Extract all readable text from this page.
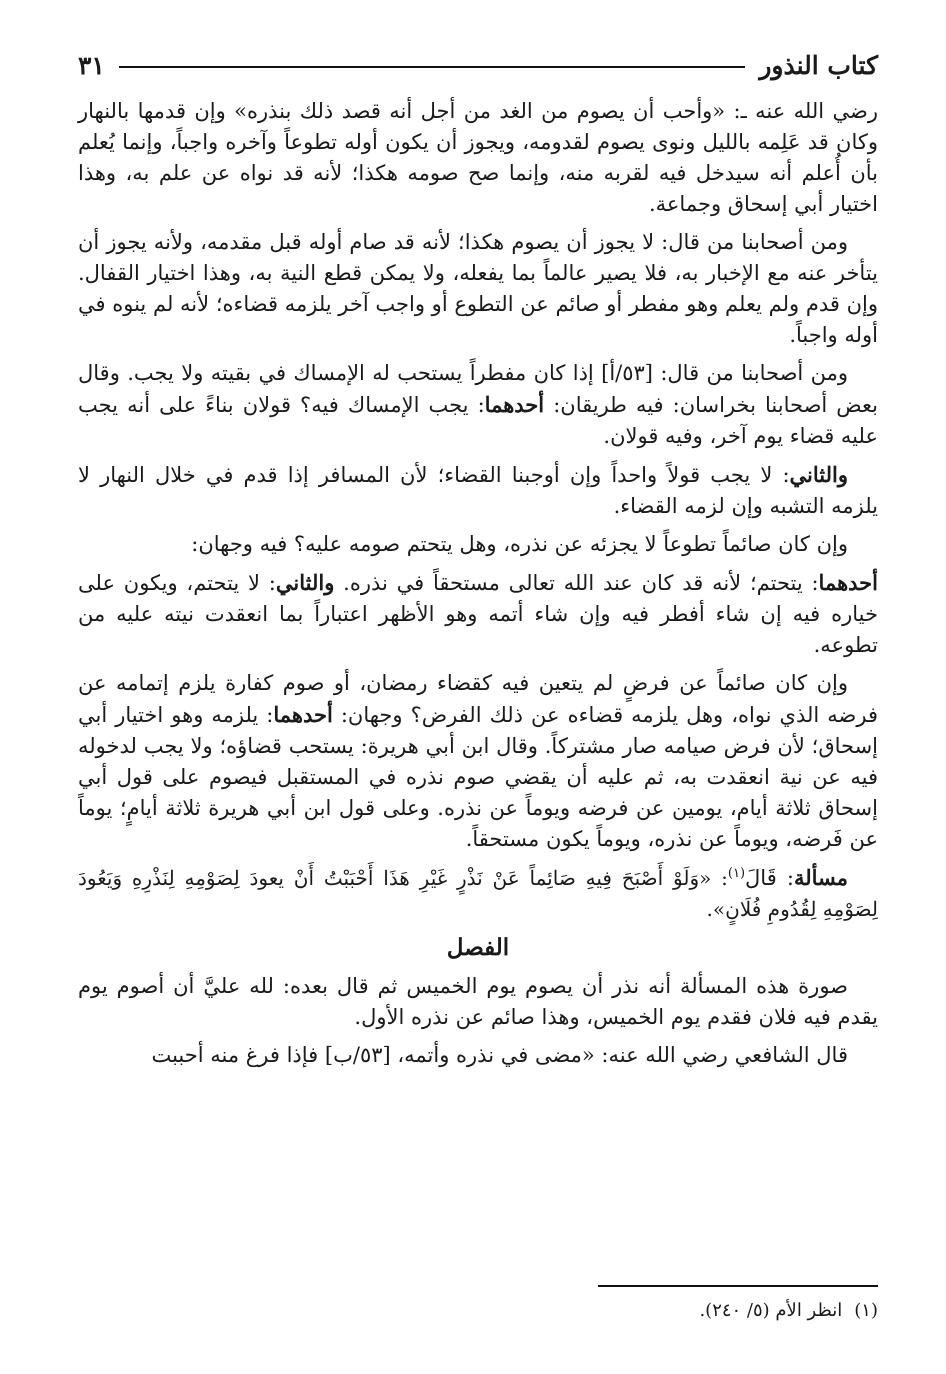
كتاب النذور
٣١

رضي الله عنه ـ: «وأحب أن يصوم من الغد من أجل أنه قصد ذلك بنذره» وإن قدمها بالنهار وكان قد عَلِمه بالليل ونوى يصوم لقدومه، ويجوز أن يكون أوله تطوعاً وآخره واجباً، وإنما يُعلم بأن أُعلم أنه سيدخل فيه لقربه منه، وإنما صح صومه هكذا؛ لأنه قد نواه عن علم به، وهذا اختيار أبي إسحاق وجماعة.

ومن أصحابنا من قال: لا يجوز أن يصوم هكذا؛ لأنه قد صام أوله قبل مقدمه، ولأنه يجوز أن يتأخر عنه مع الإخبار به، فلا يصير عالماً بما يفعله، ولا يمكن قطع النية به، وهذا اختيار القفال. وإن قدم ولم يعلم وهو مفطر أو صائم عن التطوع أو واجب آخر يلزمه قضاءه؛ لأنه لم ينوه في أوله واجباً.

ومن أصحابنا من قال: [٥٣/أ] إذا كان مفطراً يستحب له الإمساك في بقيته ولا يجب. وقال بعض أصحابنا بخراسان: فيه طريقان: أحدهما: يجب الإمساك فيه؟ قولان بناءً على أنه يجب عليه قضاء يوم آخر، وفيه قولان.

والثاني: لا يجب قولاً واحداً وإن أوجبنا القضاء؛ لأن المسافر إذا قدم في خلال النهار لا يلزمه التشبه وإن لزمه القضاء.

وإن كان صائماً تطوعاً لا يجزئه عن نذره، وهل يتحتم صومه عليه؟ فيه وجهان:

أحدهما: يتحتم؛ لأنه قد كان عند الله تعالى مستحقاً في نذره. والثاني: لا يتحتم، ويكون على خياره فيه إن شاء أفطر فيه وإن شاء أتمه وهو الأظهر اعتباراً بما انعقدت نيته عليه من تطوعه.

وإن كان صائماً عن فرضٍ لم يتعين فيه كقضاء رمضان، أو صوم كفارة يلزم إتمامه عن فرضه الذي نواه، وهل يلزمه قضاءه عن ذلك الفرض؟ وجهان: أحدهما: يلزمه وهو اختيار أبي إسحاق؛ لأن فرض صيامه صار مشتركاً. وقال ابن أبي هريرة: يستحب قضاؤه؛ ولا يجب لدخوله فيه عن نية انعقدت به، ثم عليه أن يقضي صوم نذره في المستقبل فيصوم على قول أبي إسحاق ثلاثة أيام، يومين عن فرضه ويوماً عن نذره. وعلى قول ابن أبي هريرة ثلاثة أيامٍ؛ يوماً عن فَرضه، ويوماً عن نذره، ويوماً يكون مستحقاً.

مسألة: قَالَ$^{(١)}$: «وَلَوْ أَصْبَحَ فِيهِ صَائِماً عَنْ نَذْرٍ غَيْرِ هَذَا أَحْبَبْتُ أَنْ يعودَ لِصَوْمِهِ لِنَذْرِهِ وَيَعُودَ لِصَوْمِهِ لِقُدُومِ فُلَانٍ».

الفصل

صورة هذه المسألة أنه نذر أن يصوم يوم الخميس ثم قال بعده: لله عليَّ أن أصوم يوم يقدم فيه فلان فقدم يوم الخميس، وهذا صائم عن نذره الأول.

قال الشافعي رضي الله عنه: «مضى في نذره وأتمه، [٥٣/ب] فإذا فرغ منه أحببت

(١)انظر الأم (٥/ ٢٤٠).
